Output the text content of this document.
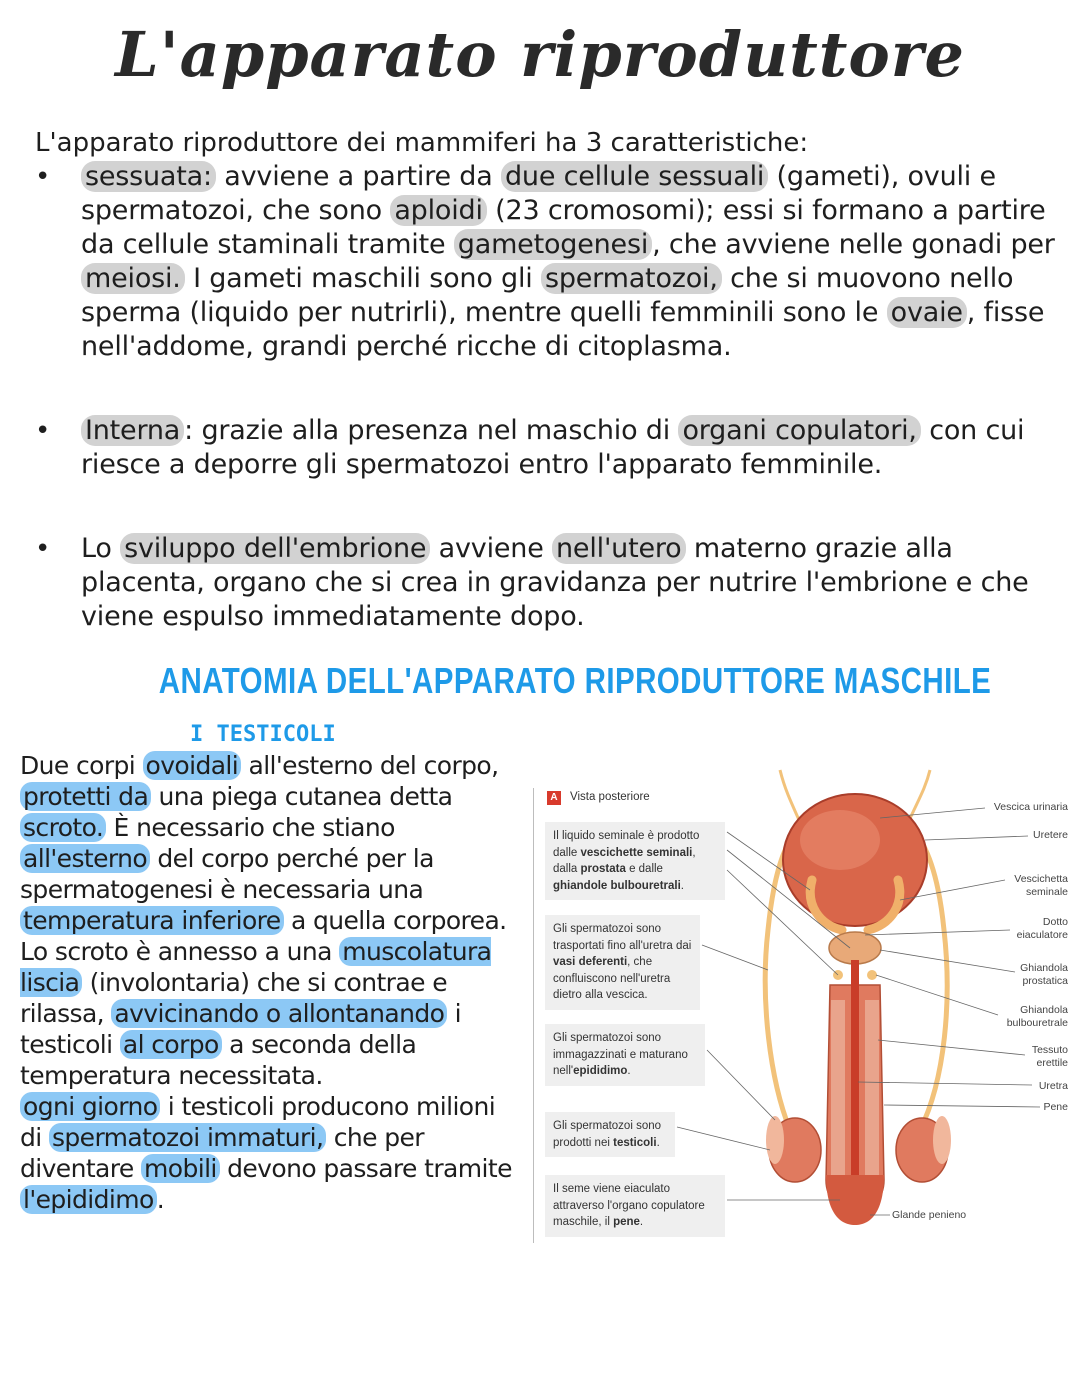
L'apparato riproduttore
L'apparato riproduttore dei mammiferi ha 3 caratteristiche:
• sessuata: avviene a partire da due cellule sessuali (gameti), ovuli e spermatozoi, che sono aploidi (23 cromosomi); essi si formano a partire da cellule staminali tramite gametogenesi , che avviene nelle gonadi per meiosi. I gameti maschili sono gli spermatozoi, che si muovono nello sperma (liquido per nutrirli), mentre quelli femminili sono le ovaie , fisse nell'addome, grandi perché ricche di citoplasma.
• Interna : grazie alla presenza nel maschio di organi copulatori, con cui riesce a deporre gli spermatozoi entro l'apparato femminile.
• Lo sviluppo dell'embrione avviene nell'utero materno grazie alla placenta, organo che si crea in gravidanza per nutrire l'embrione e che viene espulso immediatamente dopo.
ANATOMIA DELL'APPARATO RIPRODUTTORE MASCHILE
I TESTICOLI
Due corpi ovoidali all'esterno del corpo, protetti da una piega cutanea detta scroto. È necessario che stiano all'esterno del corpo perché per la spermatogenesi è necessaria una temperatura inferiore a quella corporea.
Lo scroto è annesso a una muscolatura liscia (involontaria) che si contrae e rilassa, avvicinando o allontanando i testicoli al corpo a seconda della temperatura necessitata.
ogni giorno i testicoli producono milioni di spermatozoi immaturi, che per diventare mobili devono passare tramite l'epididimo .
A Vista posteriore
Il liquido seminale è prodotto dalle vescichette seminali, dalla prostata e dalle ghiandole bulbouretrali.
Gli spermatozoi sono trasportati fino all'uretra dai vasi deferenti, che confluiscono nell'uretra dietro alla vescica.
Gli spermatozoi sono immagazzinati e maturano nell'epididimo.
Gli spermatozoi sono prodotti nei testicoli.
Il seme viene eiaculato attraverso l'organo copulatore maschile, il pene.
Vescica urinaria
Uretere
Vescichetta seminale
Dotto eiaculatore
Ghiandola prostatica
Ghiandola bulbouretrale
Tessuto erettile
Uretra
Pene
Glande penieno
